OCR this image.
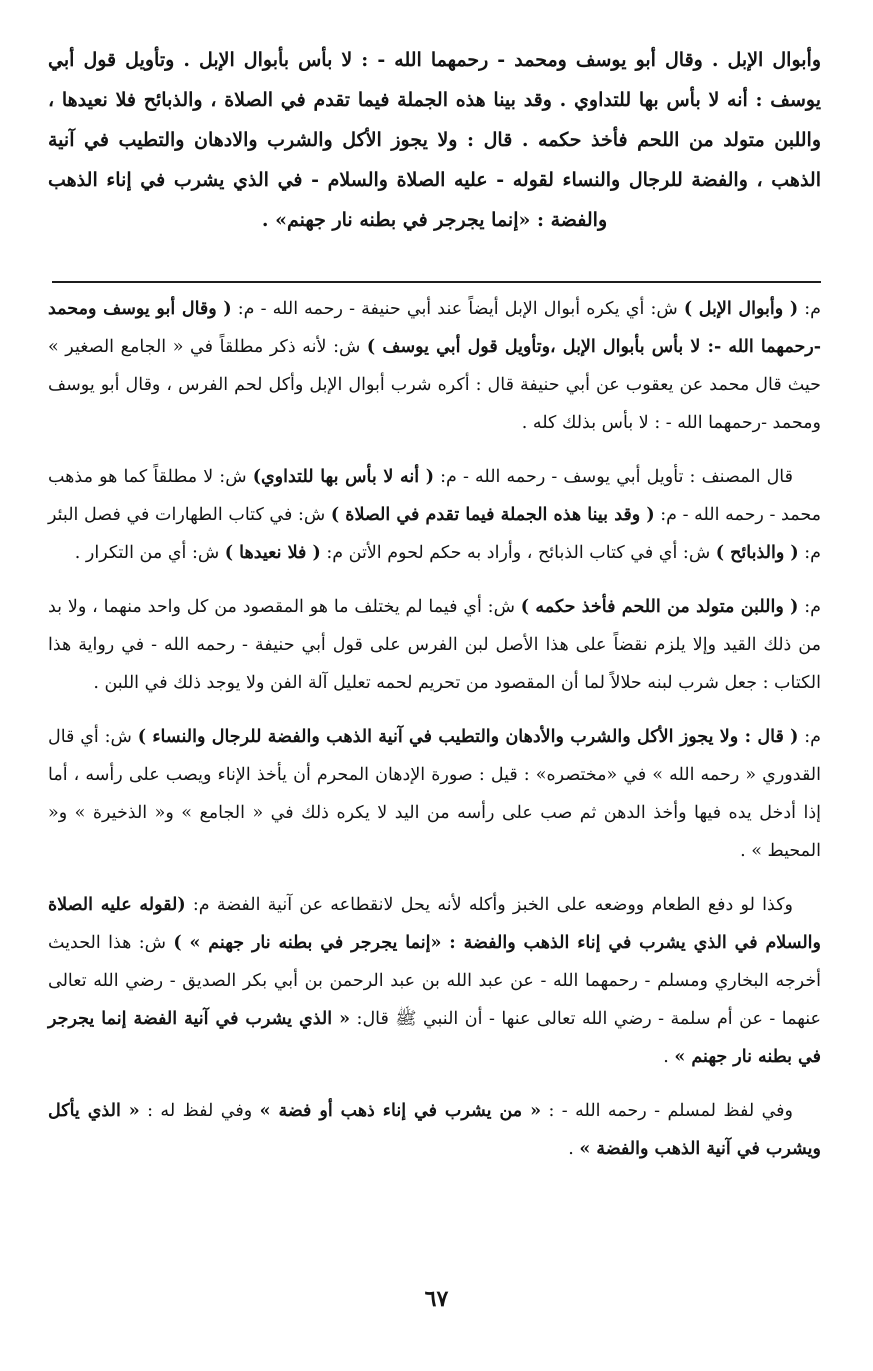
وأبوال الإبل . وقال أبو يوسف ومحمد - رحمهما الله - : لا بأس بأبوال الإبل . وتأويل قول أبي يوسف : أنه لا بأس بها للتداوي . وقد بينا هذه الجملة فيما تقدم في الصلاة ، والذبائح فلا نعيدها ، واللبن متولد من اللحم فأخذ حكمه . قال : ولا يجوز الأكل والشرب والادهان والتطيب في آنية الذهب ، والفضة للرجال والنساء لقوله - عليه الصلاة والسلام - في الذي يشرب في إناء الذهب والفضة : «إنما يجرجر في بطنه نار جهنم» .

م: ( وأبوال الإبل ) ش: أي يكره أبوال الإبل أيضاً عند أبي حنيفة - رحمه الله - م: ( وقال أبو يوسف ومحمد -رحمهما الله -: لا بأس بأبوال الإبل ،وتأويل قول أبي يوسف ) ش: لأنه ذكر مطلقاً في « الجامع الصغير » حيث قال محمد عن يعقوب عن أبي حنيفة قال : أكره شرب أبوال الإبل وأكل لحم الفرس ، وقال أبو يوسف ومحمد -رحمهما الله - : لا بأس بذلك كله .

قال المصنف : تأويل أبي يوسف - رحمه الله - م: ( أنه لا بأس بها للتداوي) ش: لا مطلقاً كما هو مذهب محمد - رحمه الله - م: ( وقد بينا هذه الجملة فيما تقدم في الصلاة ) ش: في كتاب الطهارات في فصل البئر م: ( والذبائح ) ش: أي في كتاب الذبائح ، وأراد به حكم لحوم الأتن م: ( فلا نعيدها ) ش: أي من التكرار .

م: ( واللبن متولد من اللحم فأخذ حكمه ) ش: أي فيما لم يختلف ما هو المقصود من كل واحد منهما ، ولا بد من ذلك القيد وإلا يلزم نقضاً على هذا الأصل لبن الفرس على قول أبي حنيفة - رحمه الله - في رواية هذا الكتاب : جعل شرب لبنه حلالاً لما أن المقصود من تحريم لحمه تعليل آلة الفن ولا يوجد ذلك في اللبن .

م: ( قال : ولا يجوز الأكل والشرب والأدهان والتطيب في آنية الذهب والفضة للرجال والنساء ) ش: أي قال القدوري « رحمه الله » في «مختصره» : قيل : صورة الإدهان المحرم أن يأخذ الإناء ويصب على رأسه ، أما إذا أدخل يده فيها وأخذ الدهن ثم صب على رأسه من اليد لا يكره ذلك في « الجامع » و« الذخيرة » و« المحيط » .

وكذا لو دفع الطعام ووضعه على الخبز وأكله لأنه يحل لانقطاعه عن آنية الفضة م: (لقوله عليه الصلاة والسلام في الذي يشرب في إناء الذهب والفضة : «إنما يجرجر في بطنه نار جهنم » ) ش: هذا الحديث أخرجه البخاري ومسلم - رحمهما الله - عن عبد الله بن عبد الرحمن بن أبي بكر الصديق - رضي الله تعالى عنهما - عن أم سلمة - رضي الله تعالى عنها - أن النبي ﷺ قال: « الذي يشرب في آنية الفضة إنما يجرجر في بطنه نار جهنم » .

وفي لفظ لمسلم - رحمه الله - : « من يشرب في إناء ذهب أو فضة » وفي لفظ له : « الذي يأكل ويشرب في آنية الذهب والفضة » .

٦٧
